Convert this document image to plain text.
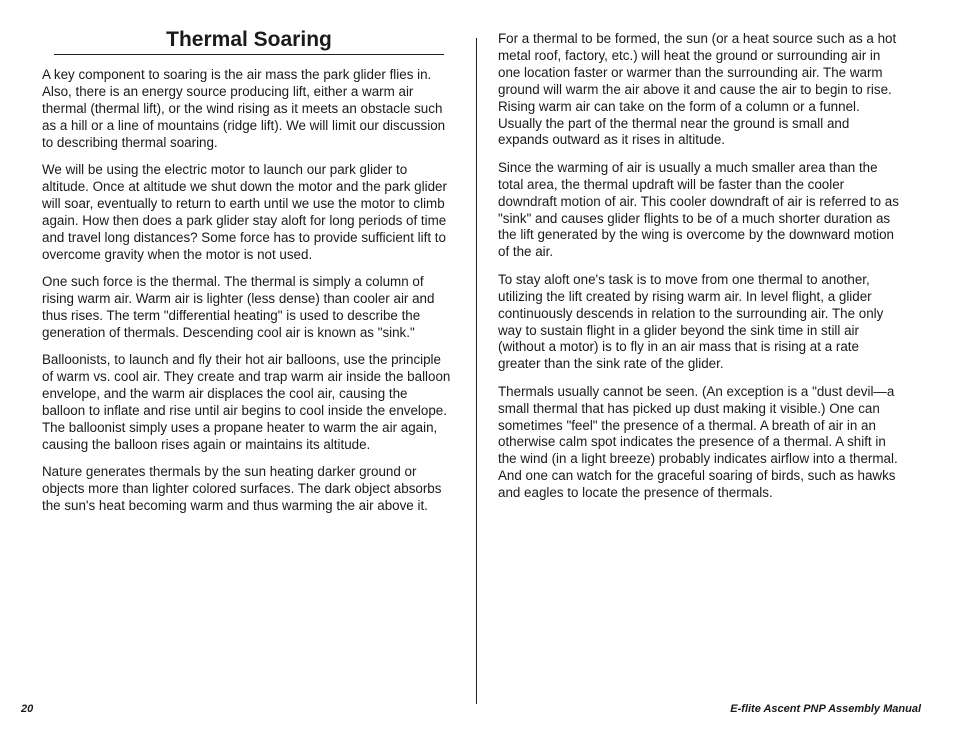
Thermal Soaring

A key component to soaring is the air mass the park glider flies in. Also, there is an energy source producing lift, either a warm air thermal (thermal lift), or the wind rising as it meets an obstacle such as a hill or a line of mountains (ridge lift). We will limit our discussion to describing thermal soaring.

We will be using the electric motor to launch our park glider to altitude. Once at altitude we shut down the motor and the park glider will soar, eventually to return to earth until we use the motor to climb again. How then does a park glider stay aloft for long periods of time and travel long distances? Some force has to provide sufficient lift to overcome gravity when the motor is not used.

One such force is the thermal. The thermal is simply a column of rising warm air. Warm air is lighter (less dense) than cooler air and thus rises. The term "differential heating" is used to describe the generation of thermals. Descending cool air is known as "sink."

Balloonists, to launch and fly their hot air balloons, use the principle of warm vs. cool air. They create and trap warm air inside the balloon envelope, and the warm air displaces the cool air, causing the balloon to inflate and rise until air begins to cool inside the envelope. The balloonist simply uses a propane heater to warm the air again, causing the balloon rises again or maintains its altitude.

Nature generates thermals by the sun heating darker ground or objects more than lighter colored surfaces. The dark object absorbs the sun's heat becoming warm and thus warming the air above it.

For a thermal to be formed, the sun (or a heat source such as a hot metal roof, factory, etc.) will heat the ground or surrounding air in one location faster or warmer than the surrounding air. The warm ground will warm the air above it and cause the air to begin to rise. Rising warm air can take on the form of a column or a funnel. Usually the part of the thermal near the ground is small and expands outward as it rises in altitude.

Since the warming of air is usually a much smaller area than the total area, the thermal updraft will be faster than the cooler downdraft motion of air. This cooler downdraft of air is referred to as "sink" and causes glider flights to be of a much shorter duration as the lift generated by the wing is overcome by the downward motion of the air.

To stay aloft one's task is to move from one thermal to another, utilizing the lift created by rising warm air. In level flight, a glider continuously descends in relation to the surrounding air. The only way to sustain flight in a glider beyond the sink time in still air (without a motor) is to fly in an air mass that is rising at a rate greater than the sink rate of the glider.

Thermals usually cannot be seen. (An exception is a "dust devil—a small thermal that has picked up dust making it visible.) One can sometimes "feel" the presence of a thermal. A breath of air in an otherwise calm spot indicates the presence of a thermal. A shift in the wind (in a light breeze) probably indicates airflow into a thermal. And one can watch for the graceful soaring of birds, such as hawks and eagles to locate the presence of thermals.

20	E-flite Ascent PNP Assembly Manual
